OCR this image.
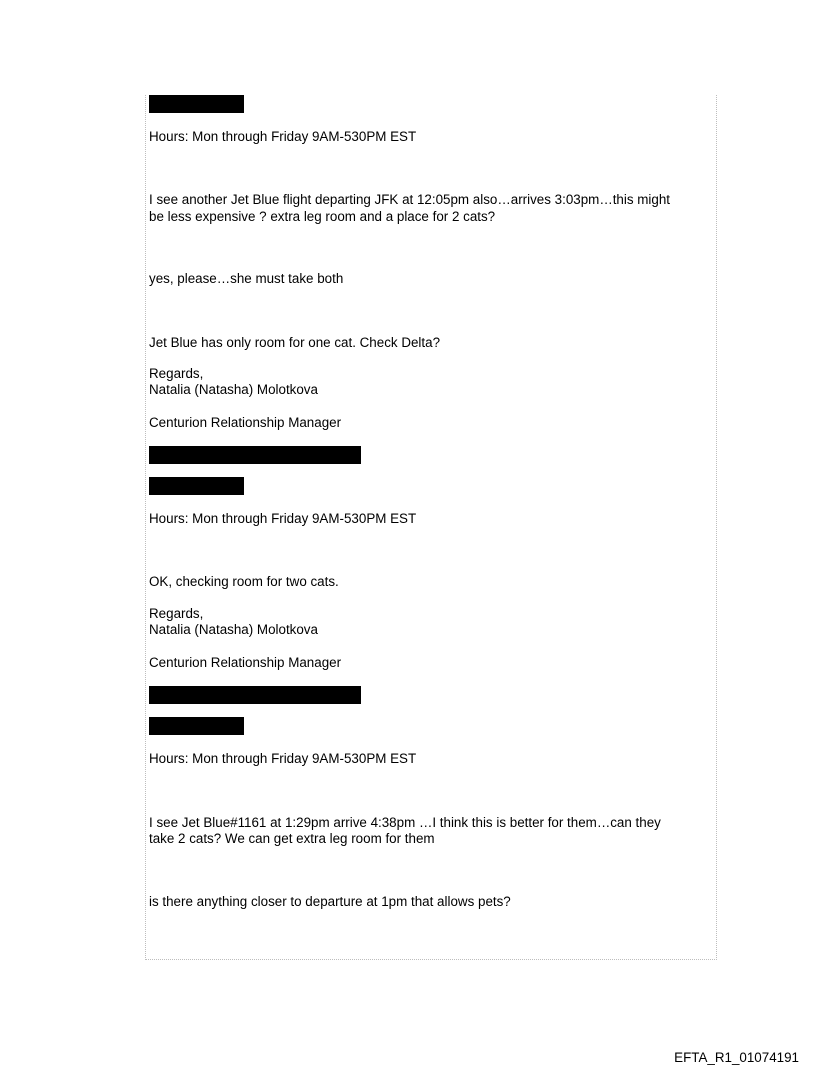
Hours: Mon through Friday 9AM-530PM EST
I see another Jet Blue flight departing JFK at 12:05pm also…arrives 3:03pm…this might
be less expensive ? extra leg room and a place for 2 cats?
yes, please…she must take both
Jet Blue has only room for one cat. Check Delta?
Regards,
Natalia (Natasha) Molotkova
Centurion Relationship Manager
Hours: Mon through Friday 9AM-530PM EST
OK, checking room for two cats.
Regards,
Natalia (Natasha) Molotkova
Centurion Relationship Manager
Hours: Mon through Friday 9AM-530PM EST
I see Jet Blue#1161 at 1:29pm arrive 4:38pm …I think this is better for them…can they
take 2 cats? We can get extra leg room for them
is there anything closer to departure at 1pm that allows pets?
EFTA_R1_01074191
